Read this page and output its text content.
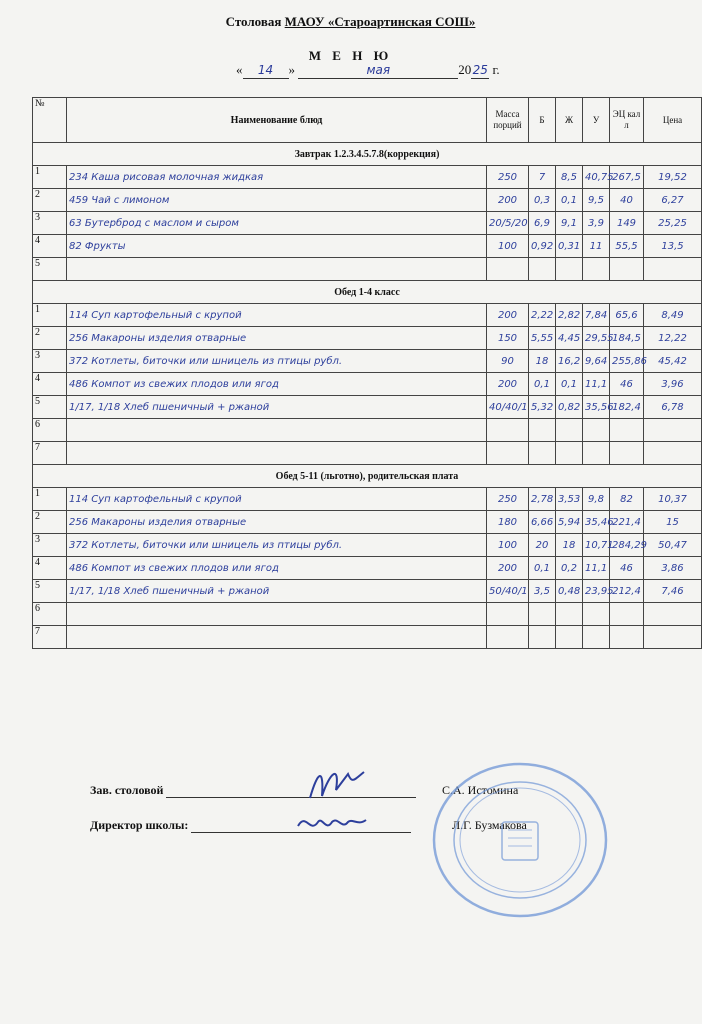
Столовая МАОУ «Староартинская СОШ»
М Е Н Ю
« 14 »	мая	2025 г.
№	Наименование блюд	Масса порций	Б	Ж	У	ЭЦ кал л	Цена
Завтрак 1.2.3.4.5.7.8(коррекция)							
1	234 Каша рисовая молочная жидкая	250	7	8,5	40,75	267,5	19,52
2	459 Чай с лимоном	200	0,3	0,1	9,5	40	6,27
3	63 Бутерброд с маслом и сыром	20/5/20	6,9	9,1	3,9	149	25,25
4	82 Фрукты	100	0,92	0,31	11	55,5	13,5
5							
Обед 1-4 класс							
1	114 Суп картофельный с крупой	200	2,22	2,82	7,84	65,6	8,49
2	256 Макароны изделия отварные	150	5,55	4,45	29,55	184,5	12,22
3	372 Котлеты, биточки или шницель из птицы рубл.	90	18	16,2	9,64	255,86	45,42
4	486 Компот из свежих плодов или ягод	200	0,1	0,1	11,1	46	3,96
5	1/17, 1/18 Хлеб пшеничный + ржаной	40/40/1	5,32	0,82	35,56	182,4	6,78
6							
7							
Обед 5-11 (льготно), родительская плата							
1	114 Суп картофельный с крупой	250	2,78	3,53	9,8	82	10,37
2	256 Макароны изделия отварные	180	6,66	5,94	35,46	221,4	15
3	372 Котлеты, биточки или шницель из птицы рубл.	100	20	18	10,71	284,29	50,47
4	486 Компот из свежих плодов или ягод	200	0,1	0,2	11,1	46	3,86
5	1/17, 1/18 Хлеб пшеничный + ржаной	50/40/1	3,5	0,48	23,95	212,4	7,46
6							
7							
Зав. столовой	С.А. Истомина
Директор школы:	Л.Г. Бузмакова
